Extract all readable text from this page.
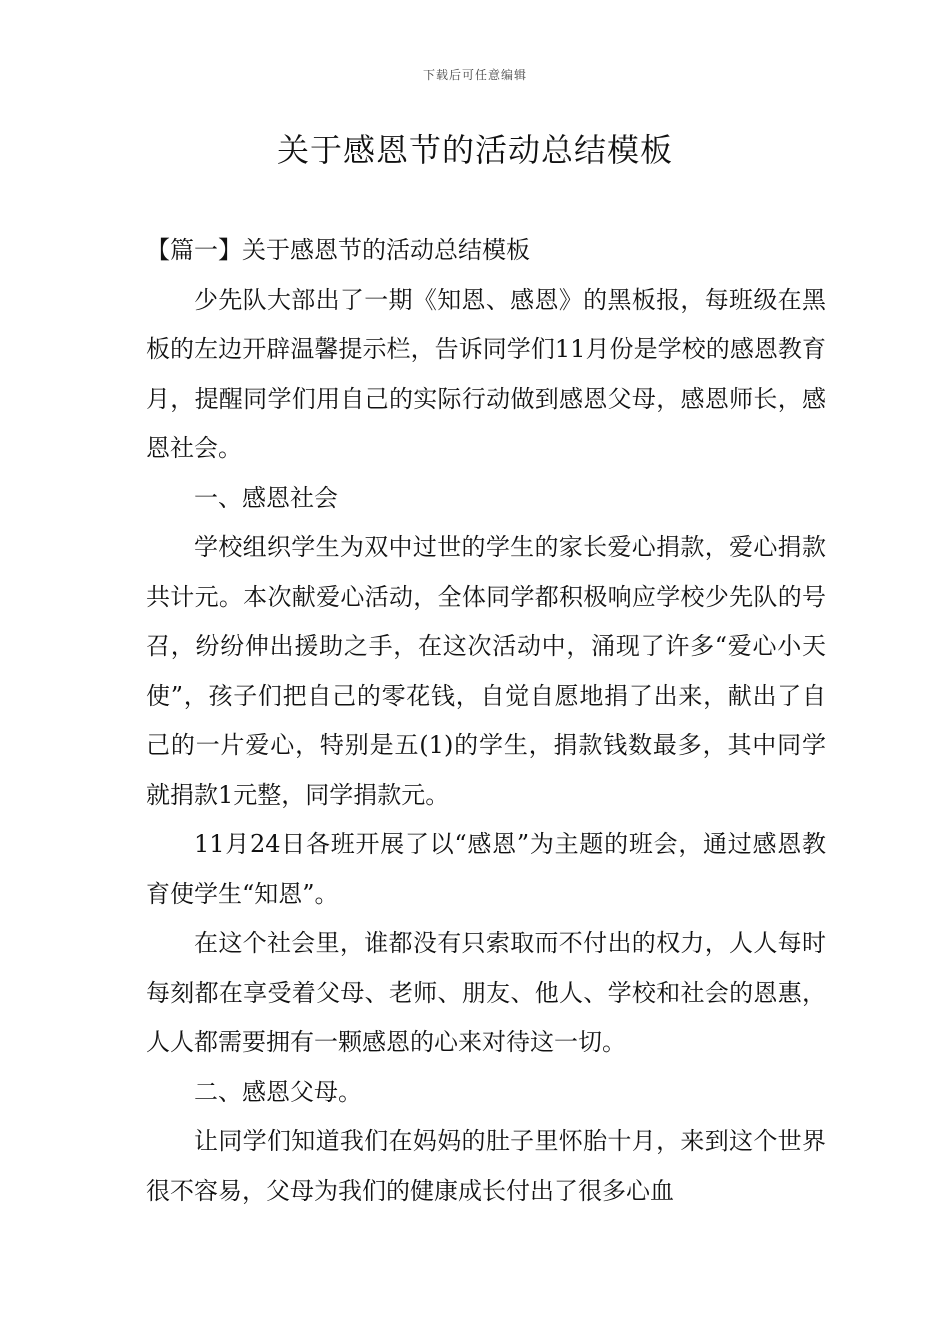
下载后可任意编辑
关于感恩节的活动总结模板

【篇一】关于感恩节的活动总结模板

少先队大部出了一期《知恩、感恩》的黑板报，每班级在黑板的左边开辟温馨提示栏，告诉同学们11月份是学校的感恩教育月，提醒同学们用自己的实际行动做到感恩父母，感恩师长，感恩社会。

一、感恩社会

学校组织学生为双中过世的学生的家长爱心捐款，爱心捐款共计元。本次献爱心活动，全体同学都积极响应学校少先队的号召，纷纷伸出援助之手，在这次活动中，涌现了许多“爱心小天使”，孩子们把自己的零花钱，自觉自愿地捐了出来，献出了自己的一片爱心，特别是五(1)的学生，捐款钱数最多，其中同学就捐款1元整，同学捐款元。

11月24日各班开展了以“感恩”为主题的班会，通过感恩教育使学生“知恩”。

在这个社会里，谁都没有只索取而不付出的权力，人人每时每刻都在享受着父母、老师、朋友、他人、学校和社会的恩惠，人人都需要拥有一颗感恩的心来对待这一切。

二、感恩父母。

让同学们知道我们在妈妈的肚子里怀胎十月，来到这个世界很不容易，父母为我们的健康成长付出了很多心血
